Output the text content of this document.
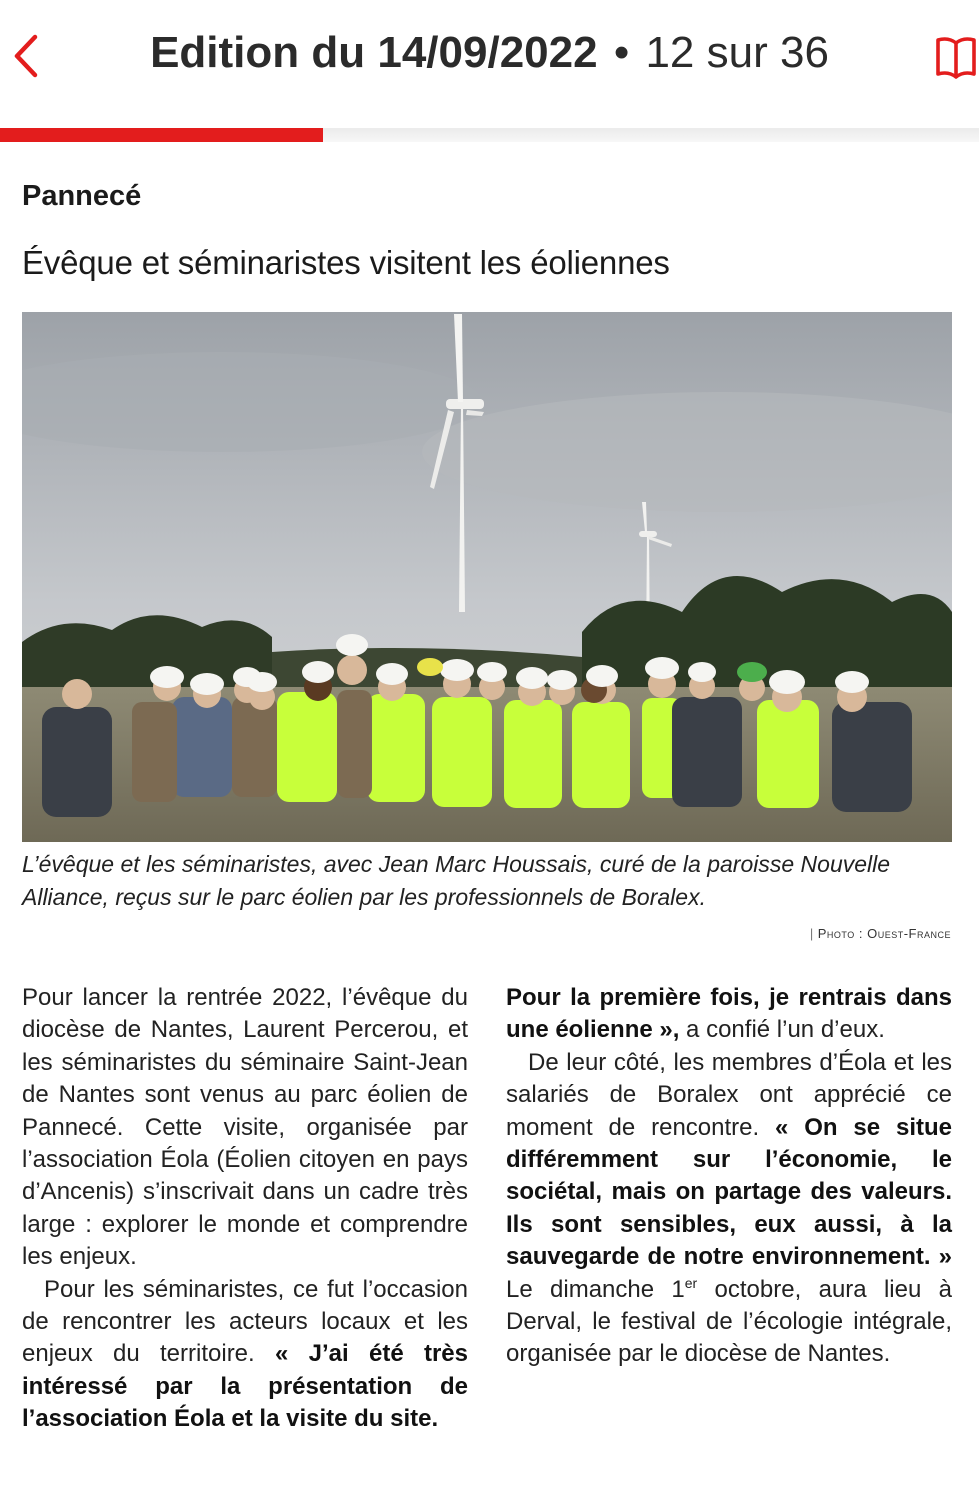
Edition du 14/09/2022 • 12 sur 36
Pannecé
Évêque et séminaristes visitent les éoliennes
L’évêque et les séminaristes, avec Jean Marc Houssais, curé de la paroisse Nouvelle Alliance, reçus sur le parc éolien par les professionnels de Boralex.
| Photo : Ouest-France

Pour lancer la rentrée 2022, l’évêque du diocèse de Nantes, Laurent Percerou, et les séminaristes du séminaire Saint-Jean de Nantes sont venus au parc éolien de Pannecé. Cette visite, organisée par l’association Éola (Éolien citoyen en pays d’Ancenis) s’inscrivait dans un cadre très large : explorer le monde et comprendre les enjeux.

Pour les séminaristes, ce fut l’occasion de rencontrer les acteurs locaux et les enjeux du territoire. « J’ai été très intéressé par la présentation de l’association Éola et la visite du site.

Pour la première fois, je rentrais dans une éolienne », a confié l’un d’eux.

De leur côté, les membres d’Éola et les salariés de Boralex ont apprécié ce moment de rencontre. « On se situe différemment sur l’économie, le sociétal, mais on partage des valeurs. Ils sont sensibles, eux aussi, à la sauvegarde de notre environnement. » Le dimanche 1er octobre, aura lieu à Derval, le festival de l’écologie intégrale, organisée par le diocèse de Nantes.
